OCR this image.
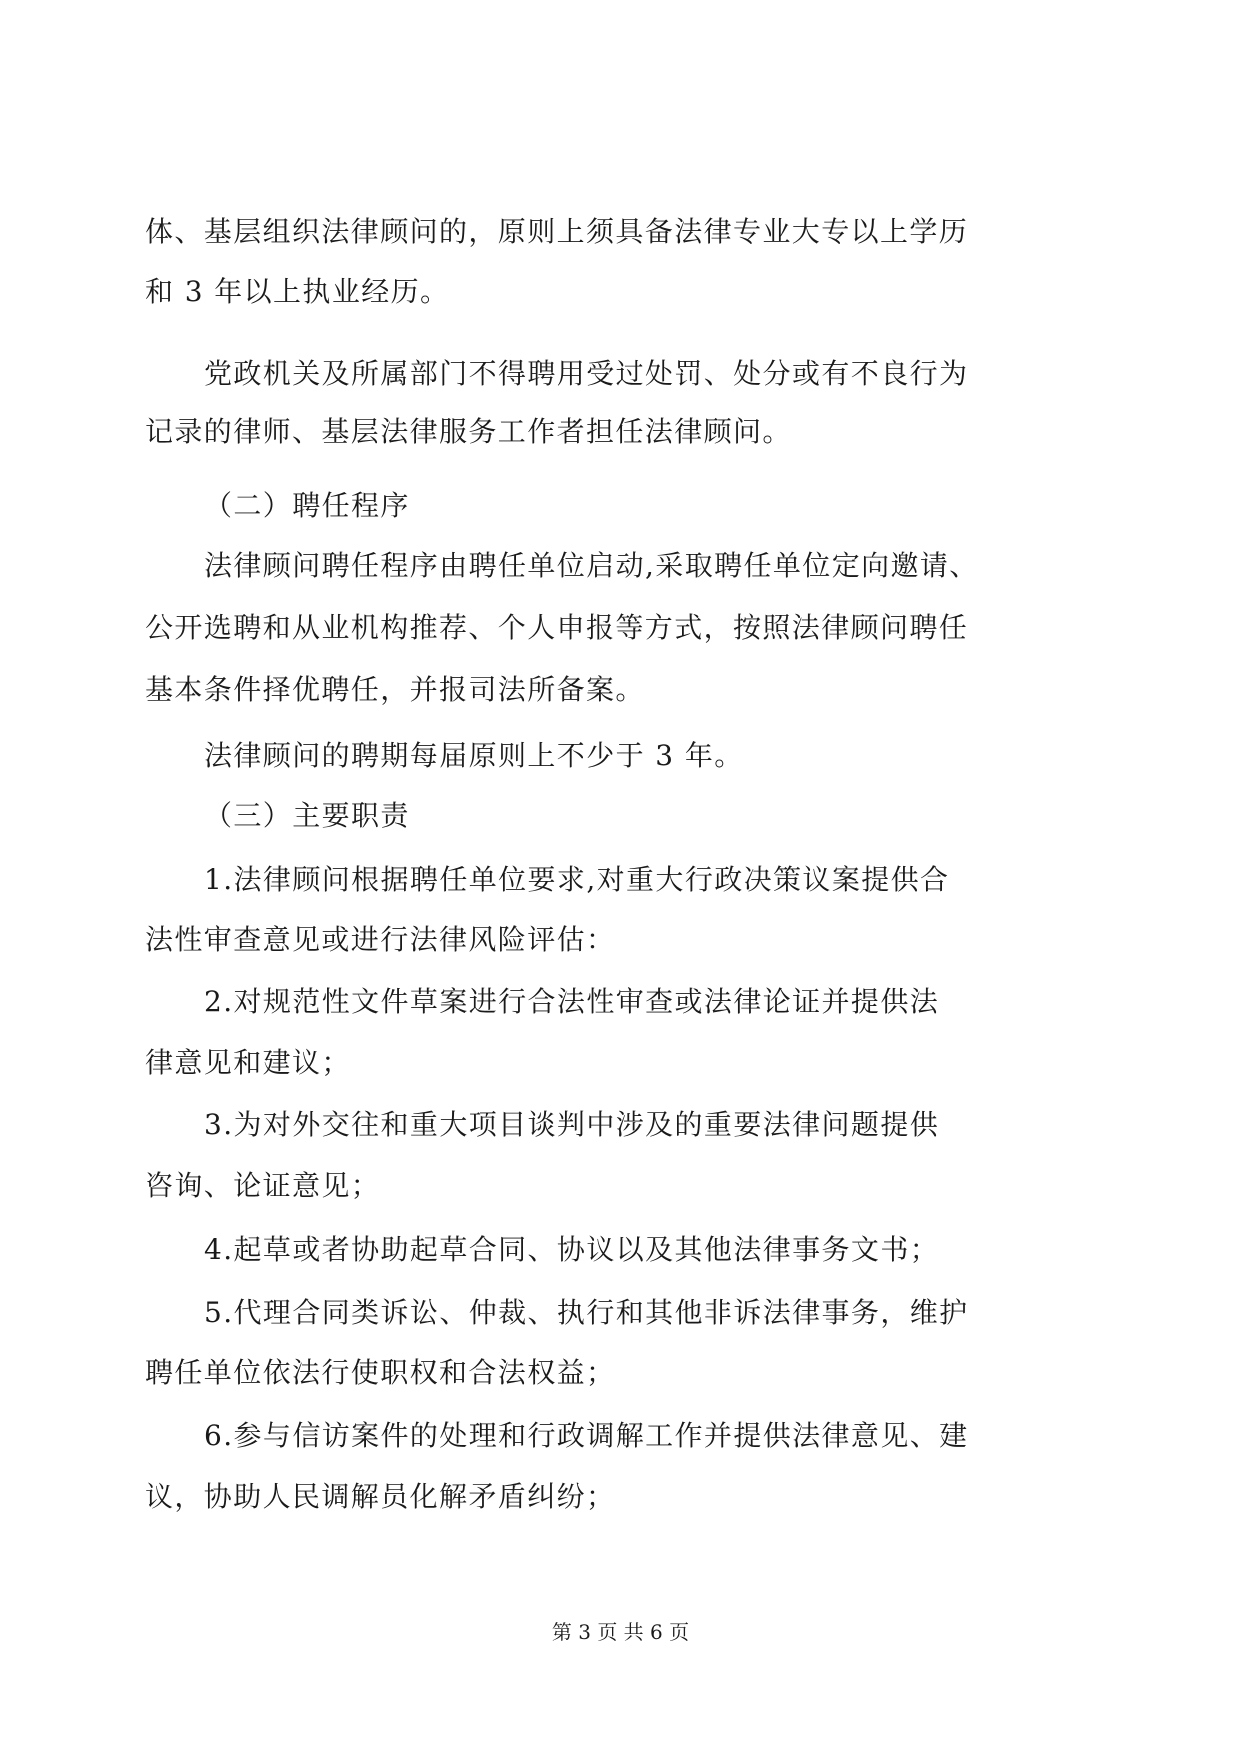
体、基层组织法律顾问的，原则上须具备法律专业大专以上学历
和 3 年以上执业经历。
党政机关及所属部门不得聘用受过处罚、处分或有不良行为
记录的律师、基层法律服务工作者担任法律顾问。
（二）聘任程序
法律顾问聘任程序由聘任单位启动,采取聘任单位定向邀请、
公开选聘和从业机构推荐、个人申报等方式，按照法律顾问聘任
基本条件择优聘任，并报司法所备案。
法律顾问的聘期每届原则上不少于 3 年。
（三）主要职责
1.法律顾问根据聘任单位要求,对重大行政决策议案提供合
法性审查意见或进行法律风险评估：
2.对规范性文件草案进行合法性审查或法律论证并提供法
律意见和建议；
3.为对外交往和重大项目谈判中涉及的重要法律问题提供
咨询、论证意见；
4.起草或者协助起草合同、协议以及其他法律事务文书；
5.代理合同类诉讼、仲裁、执行和其他非诉法律事务，维护
聘任单位依法行使职权和合法权益；
6.参与信访案件的处理和行政调解工作并提供法律意见、建
议，协助人民调解员化解矛盾纠纷；
第 3 页 共 6 页
